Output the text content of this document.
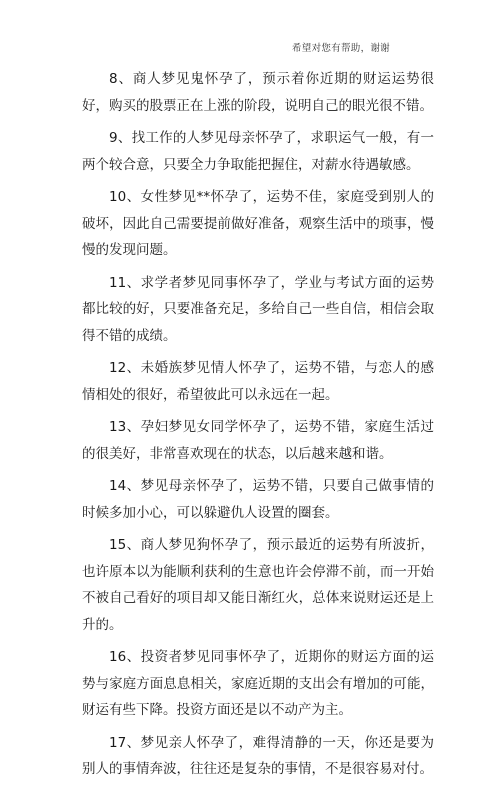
希望对您有帮助，谢谢

8、商人梦见鬼怀孕了，预示着你近期的财运运势很好，购买的股票正在上涨的阶段，说明自己的眼光很不错。

9、找工作的人梦见母亲怀孕了，求职运气一般，有一两个较合意，只要全力争取能把握住，对薪水待遇敏感。

10、女性梦见**怀孕了，运势不佳，家庭受到别人的破坏，因此自己需要提前做好准备，观察生活中的琐事，慢慢的发现问题。

11、求学者梦见同事怀孕了，学业与考试方面的运势都比较的好，只要准备充足，多给自己一些自信，相信会取得不错的成绩。

12、未婚族梦见情人怀孕了，运势不错，与恋人的感情相处的很好，希望彼此可以永远在一起。

13、孕妇梦见女同学怀孕了，运势不错，家庭生活过的很美好，非常喜欢现在的状态，以后越来越和谐。

14、梦见母亲怀孕了，运势不错，只要自己做事情的时候多加小心，可以躲避仇人设置的圈套。

15、商人梦见狗怀孕了，预示最近的运势有所波折，也许原本以为能顺利获利的生意也许会停滞不前，而一开始不被自己看好的项目却又能日渐红火，总体来说财运还是上升的。

16、投资者梦见同事怀孕了，近期你的财运方面的运势与家庭方面息息相关，家庭近期的支出会有增加的可能，财运有些下降。投资方面还是以不动产为主。

17、梦见亲人怀孕了，难得清静的一天，你还是要为别人的事情奔波，往往还是复杂的事情，不是很容易对付。
